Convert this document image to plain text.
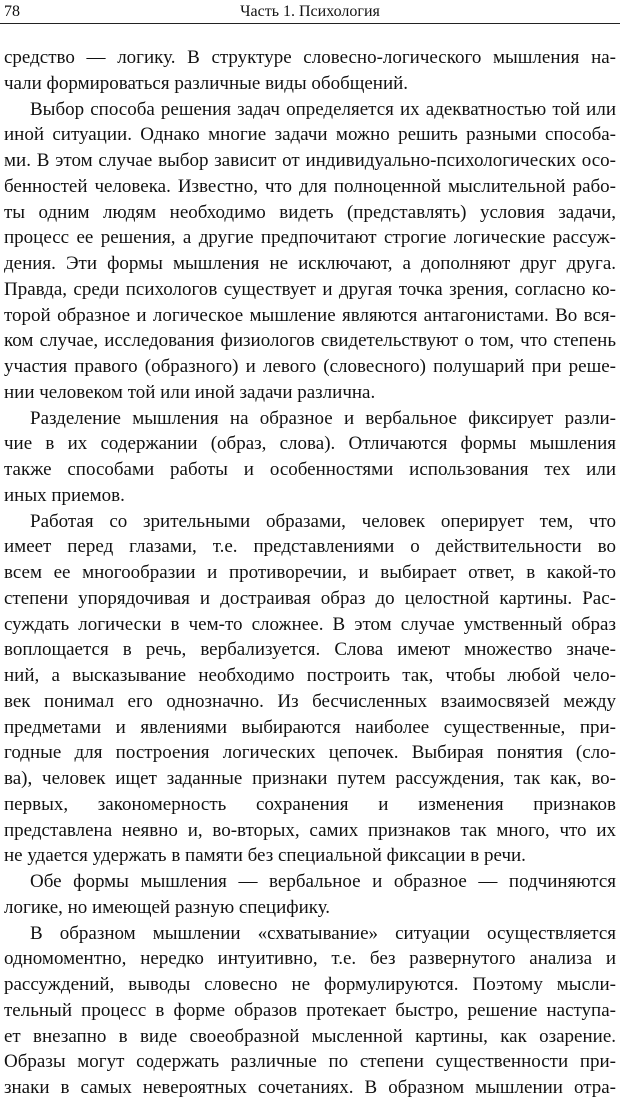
78	Часть 1. Психология
средство — логику. В структуре словесно-логического мышления на-
чали формироваться различные виды обобщений.
Выбор способа решения задач определяется их адекватностью той или
иной ситуации. Однако многие задачи можно решить разными способа-
ми. В этом случае выбор зависит от индивидуально-психологических осо-
бенностей человека. Известно, что для полноценной мыслительной рабо-
ты одним людям необходимо видеть (представлять) условия задачи,
процесс ее решения, а другие предпочитают строгие логические рассуж-
дения. Эти формы мышления не исключают, а дополняют друг друга.
Правда, среди психологов существует и другая точка зрения, согласно ко-
торой образное и логическое мышление являются антагонистами. Во вся-
ком случае, исследования физиологов свидетельствуют о том, что степень
участия правого (образного) и левого (словесного) полушарий при реше-
нии человеком той или иной задачи различна.
Разделение мышления на образное и вербальное фиксирует разли-
чие в их содержании (образ, слова). Отличаются формы мышления
также способами работы и особенностями использования тех или
иных приемов.
Работая со зрительными образами, человек оперирует тем, что
имеет перед глазами, т.е. представлениями о действительности во
всем ее многообразии и противоречии, и выбирает ответ, в какой-то
степени упорядочивая и достраивая образ до целостной картины. Рас-
суждать логически в чем-то сложнее. В этом случае умственный образ
воплощается в речь, вербализуется. Слова имеют множество значе-
ний, а высказывание необходимо построить так, чтобы любой чело-
век понимал его однозначно. Из бесчисленных взаимосвязей между
предметами и явлениями выбираются наиболее существенные, при-
годные для построения логических цепочек. Выбирая понятия (сло-
ва), человек ищет заданные признаки путем рассуждения, так как, во-
первых, закономерность сохранения и изменения признаков
представлена неявно и, во-вторых, самих признаков так много, что их
не удается удержать в памяти без специальной фиксации в речи.
Обе формы мышления — вербальное и образное — подчиняются
логике, но имеющей разную специфику.
В образном мышлении «схватывание» ситуации осуществляется
одномоментно, нередко интуитивно, т.е. без развернутого анализа и
рассуждений, выводы словесно не формулируются. Поэтому мысли-
тельный процесс в форме образов протекает быстро, решение наступа-
ет внезапно в виде своеобразной мысленной картины, как озарение.
Образы могут содержать различные по степени существенности при-
знаки в самых невероятных сочетаниях. В образном мышлении отра-
